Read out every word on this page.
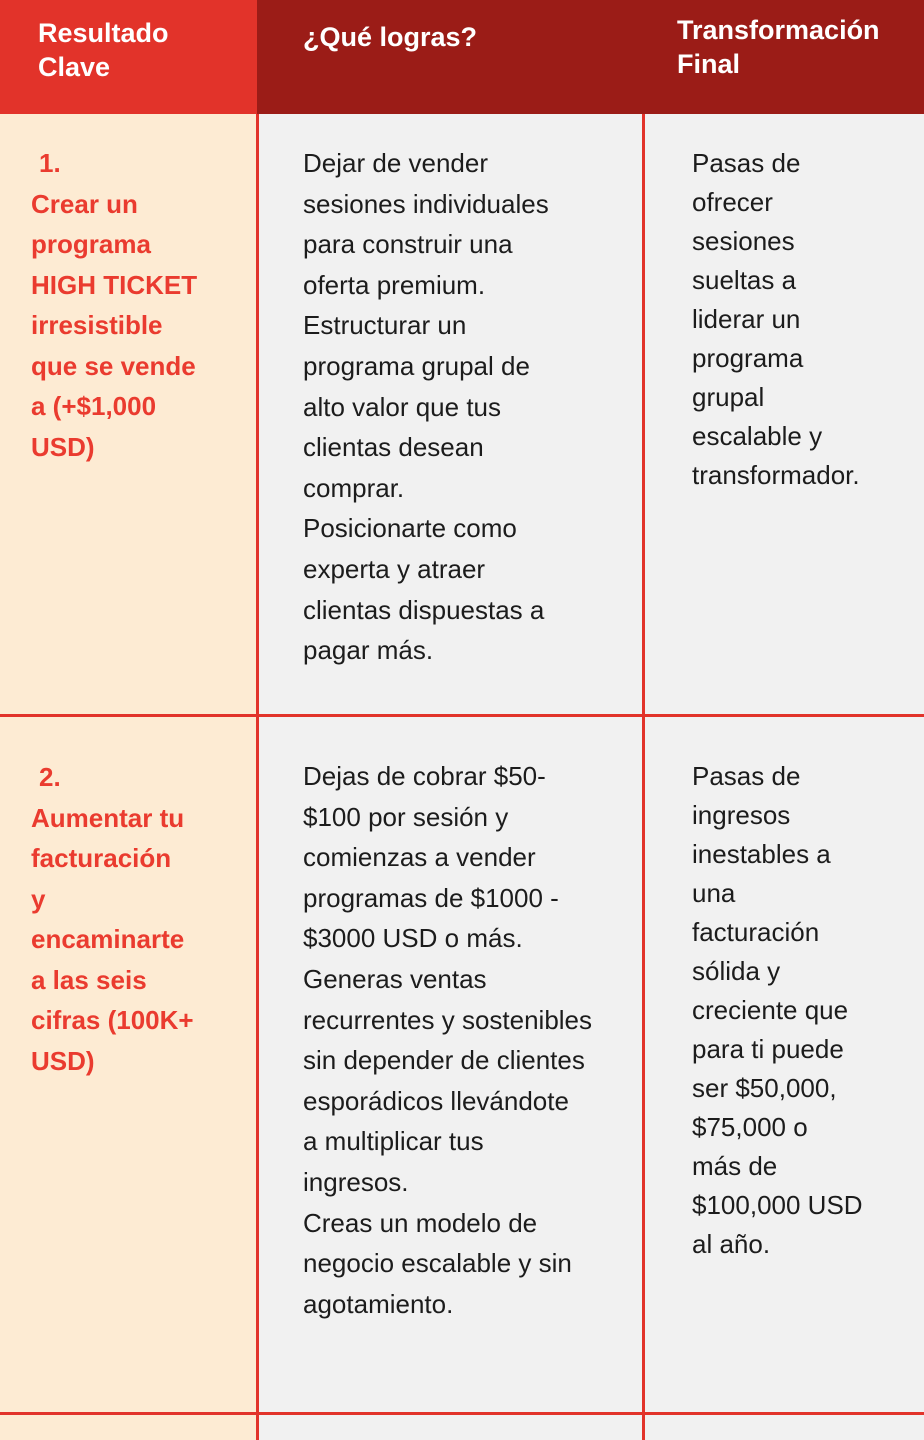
Resultado
Clave
¿Qué logras?	Transformación
Final
1.
Crear un
programa
HIGH TICKET
irresistible
que se vende
a (+$1,000
USD)
Dejar de vender
sesiones individuales
para construir una
oferta premium.
Estructurar un
programa grupal de
alto valor que tus
clientas desean
comprar.
Posicionarte como
experta y atraer
clientas dispuestas a
pagar más.
Pasas de
ofrecer
sesiones
sueltas a
liderar un
programa
grupal
escalable y
transformador.
2.
Aumentar tu
facturación
y
encaminarte
a las seis
cifras (100K+
USD)
Dejas de cobrar $50-
$100 por sesión y
comienzas a vender
programas de $1000 -
$3000 USD o más.
Generas ventas
recurrentes y sostenibles
sin depender de clientes
esporádicos llevándote
a multiplicar tus
ingresos.
Creas un modelo de
negocio escalable y sin
agotamiento.
Pasas de
ingresos
inestables a
una
facturación
sólida y
creciente que
para ti puede
ser $50,000,
$75,000 o
más de
$100,000 USD
al año.
